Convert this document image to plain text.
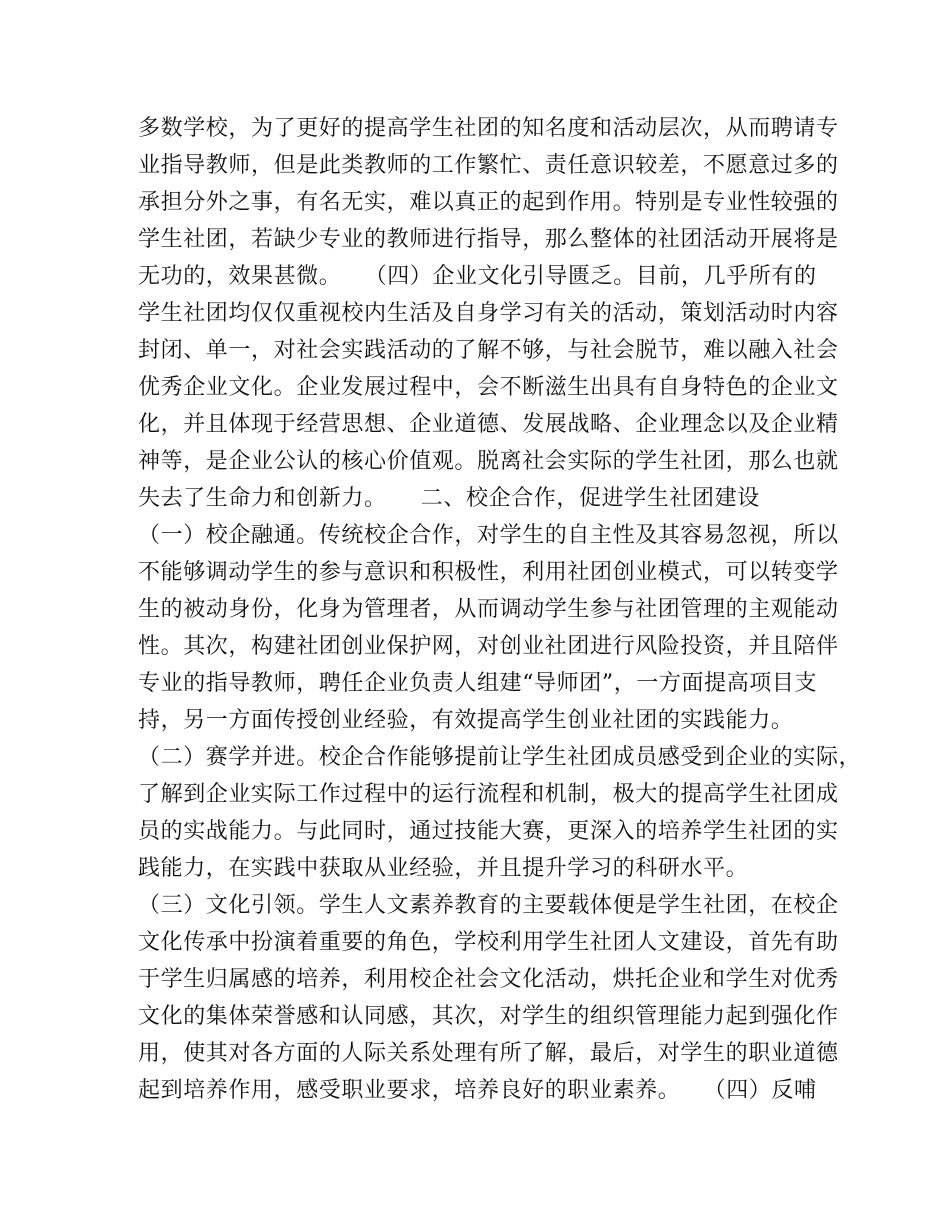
多数学校，为了更好的提高学生社团的知名度和活动层次，从而聘请专
业指导教师，但是此类教师的工作繁忙、责任意识较差，不愿意过多的
承担分外之事，有名无实，难以真正的起到作用。特别是专业性较强的
学生社团，若缺少专业的教师进行指导，那么整体的社团活动开展将是
无功的，效果甚微。　　（四）企业文化引导匮乏。目前，几乎所有的
学生社团均仅仅重视校内生活及自身学习有关的活动，策划活动时内容
封闭、单一，对社会实践活动的了解不够，与社会脱节，难以融入社会
优秀企业文化。企业发展过程中，会不断滋生出具有自身特色的企业文
化，并且体现于经营思想、企业道德、发展战略、企业理念以及企业精
神等，是企业公认的核心价值观。脱离社会实际的学生社团，那么也就
失去了生命力和创新力。　　二、校企合作，促进学生社团建设
（一）校企融通。传统校企合作，对学生的自主性及其容易忽视，所以
不能够调动学生的参与意识和积极性，利用社团创业模式，可以转变学
生的被动身份，化身为管理者，从而调动学生参与社团管理的主观能动
性。其次，构建社团创业保护网，对创业社团进行风险投资，并且陪伴
专业的指导教师，聘任企业负责人组建“导师团”，一方面提高项目支
持，另一方面传授创业经验，有效提高学生创业社团的实践能力。
（二）赛学并进。校企合作能够提前让学生社团成员感受到企业的实际，
了解到企业实际工作过程中的运行流程和机制，极大的提高学生社团成
员的实战能力。与此同时，通过技能大赛，更深入的培养学生社团的实
践能力，在实践中获取从业经验，并且提升学习的科研水平。
（三）文化引领。学生人文素养教育的主要载体便是学生社团，在校企
文化传承中扮演着重要的角色，学校利用学生社团人文建设，首先有助
于学生归属感的培养，利用校企社会文化活动，烘托企业和学生对优秀
文化的集体荣誉感和认同感，其次，对学生的组织管理能力起到强化作
用，使其对各方面的人际关系处理有所了解，最后，对学生的职业道德
起到培养作用，感受职业要求，培养良好的职业素养。　　（四）反哺
